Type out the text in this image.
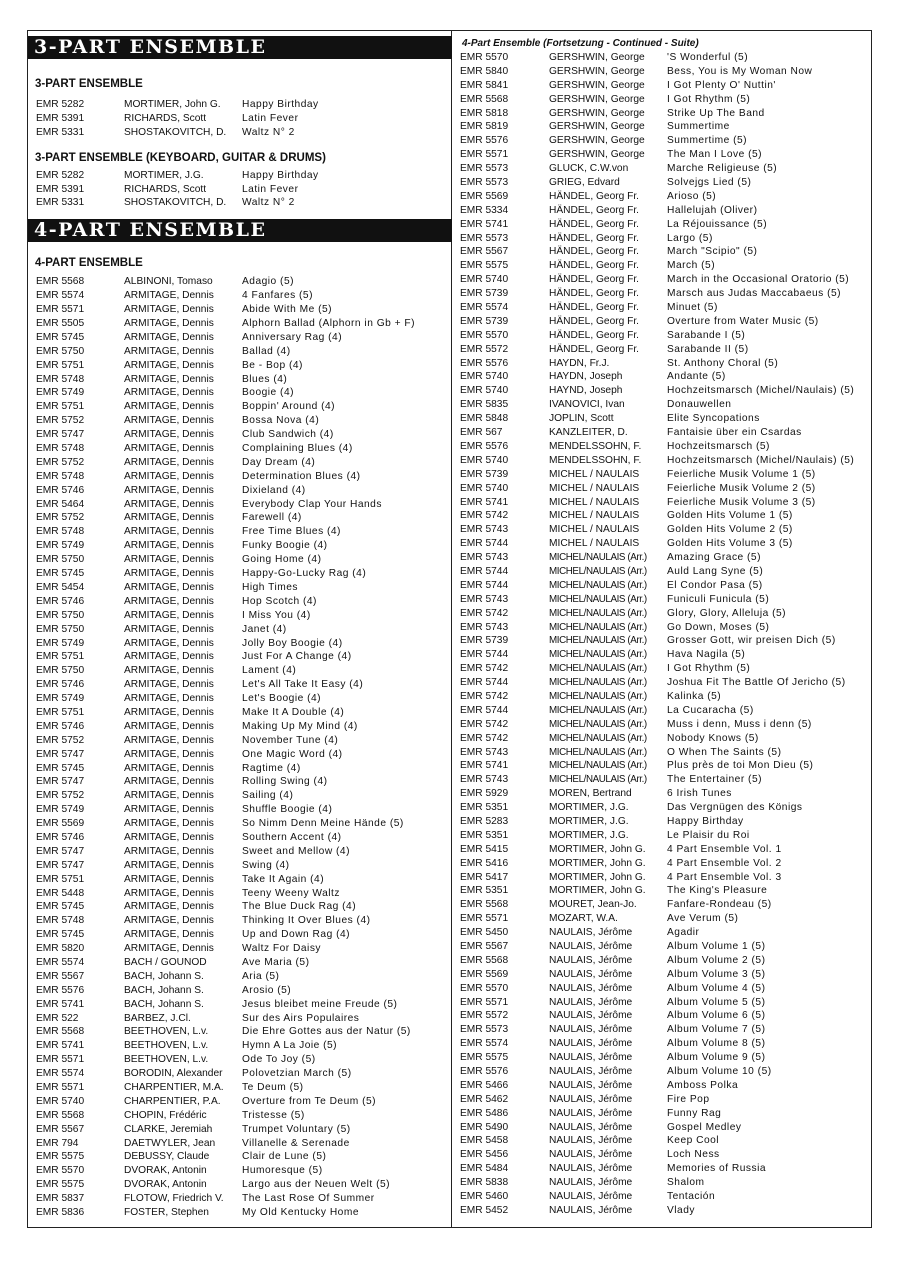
3-PART ENSEMBLE
3-PART ENSEMBLE
EMR 5282	MORTIMER, John G.	Happy Birthday
EMR 5391	RICHARDS, Scott	Latin Fever
EMR 5331	SHOSTAKOVITCH, D.	Waltz N° 2
3-PART ENSEMBLE (KEYBOARD, GUITAR & DRUMS)
EMR 5282	MORTIMER, J.G.	Happy Birthday
EMR 5391	RICHARDS, Scott	Latin Fever
EMR 5331	SHOSTAKOVITCH, D.	Waltz N° 2
4-PART ENSEMBLE
4-PART ENSEMBLE
EMR 5568	ALBINONI, Tomaso	Adagio (5)
EMR 5574	ARMITAGE, Dennis	4 Fanfares (5)
EMR 5571	ARMITAGE, Dennis	Abide With Me (5)
EMR 5505	ARMITAGE, Dennis	Alphorn Ballad (Alphorn in Gb + F)
EMR 5745	ARMITAGE, Dennis	Anniversary Rag (4)
EMR 5750	ARMITAGE, Dennis	Ballad (4)
EMR 5751	ARMITAGE, Dennis	Be - Bop (4)
EMR 5748	ARMITAGE, Dennis	Blues (4)
EMR 5749	ARMITAGE, Dennis	Boogie (4)
EMR 5751	ARMITAGE, Dennis	Boppin' Around (4)
EMR 5752	ARMITAGE, Dennis	Bossa Nova (4)
EMR 5747	ARMITAGE, Dennis	Club Sandwich (4)
EMR 5748	ARMITAGE, Dennis	Complaining Blues (4)
EMR 5752	ARMITAGE, Dennis	Day Dream (4)
EMR 5748	ARMITAGE, Dennis	Determination Blues (4)
EMR 5746	ARMITAGE, Dennis	Dixieland (4)
EMR 5464	ARMITAGE, Dennis	Everybody Clap Your Hands
EMR 5752	ARMITAGE, Dennis	Farewell (4)
EMR 5748	ARMITAGE, Dennis	Free Time Blues (4)
EMR 5749	ARMITAGE, Dennis	Funky Boogie (4)
EMR 5750	ARMITAGE, Dennis	Going Home (4)
EMR 5745	ARMITAGE, Dennis	Happy-Go-Lucky Rag (4)
EMR 5454	ARMITAGE, Dennis	High Times
EMR 5746	ARMITAGE, Dennis	Hop Scotch (4)
EMR 5750	ARMITAGE, Dennis	I Miss You (4)
EMR 5750	ARMITAGE, Dennis	Janet (4)
EMR 5749	ARMITAGE, Dennis	Jolly Boy Boogie (4)
EMR 5751	ARMITAGE, Dennis	Just For A Change (4)
EMR 5750	ARMITAGE, Dennis	Lament (4)
EMR 5746	ARMITAGE, Dennis	Let's All Take It Easy (4)
EMR 5749	ARMITAGE, Dennis	Let's Boogie (4)
EMR 5751	ARMITAGE, Dennis	Make It A Double (4)
EMR 5746	ARMITAGE, Dennis	Making Up My Mind (4)
EMR 5752	ARMITAGE, Dennis	November Tune (4)
EMR 5747	ARMITAGE, Dennis	One Magic Word (4)
EMR 5745	ARMITAGE, Dennis	Ragtime (4)
EMR 5747	ARMITAGE, Dennis	Rolling Swing (4)
EMR 5752	ARMITAGE, Dennis	Sailing (4)
EMR 5749	ARMITAGE, Dennis	Shuffle Boogie (4)
EMR 5569	ARMITAGE, Dennis	So Nimm Denn Meine Hände (5)
EMR 5746	ARMITAGE, Dennis	Southern Accent (4)
EMR 5747	ARMITAGE, Dennis	Sweet and Mellow (4)
EMR 5747	ARMITAGE, Dennis	Swing (4)
EMR 5751	ARMITAGE, Dennis	Take It Again (4)
EMR 5448	ARMITAGE, Dennis	Teeny Weeny Waltz
EMR 5745	ARMITAGE, Dennis	The Blue Duck Rag (4)
EMR 5748	ARMITAGE, Dennis	Thinking It Over Blues (4)
EMR 5745	ARMITAGE, Dennis	Up and Down Rag (4)
EMR 5820	ARMITAGE, Dennis	Waltz For Daisy
EMR 5574	BACH / GOUNOD	Ave Maria (5)
EMR 5567	BACH, Johann S.	Aria (5)
EMR 5576	BACH, Johann S.	Arosio (5)
EMR 5741	BACH, Johann S.	Jesus bleibet meine Freude (5)
EMR 522	BARBEZ, J.Cl.	Sur des Airs Populaires
EMR 5568	BEETHOVEN, L.v.	Die Ehre Gottes aus der Natur (5)
EMR 5741	BEETHOVEN, L.v.	Hymn A La Joie (5)
EMR 5571	BEETHOVEN, L.v.	Ode To Joy (5)
EMR 5574	BORODIN, Alexander	Polovetzian March (5)
EMR 5571	CHARPENTIER, M.A.	Te Deum (5)
EMR 5740	CHARPENTIER, P.A.	Overture from Te Deum (5)
EMR 5568	CHOPIN, Frédéric	Tristesse (5)
EMR 5567	CLARKE, Jeremiah	Trumpet Voluntary (5)
EMR 794	DAETWYLER, Jean	Villanelle & Serenade
EMR 5575	DEBUSSY, Claude	Clair de Lune (5)
EMR 5570	DVORAK, Antonin	Humoresque (5)
EMR 5575	DVORAK, Antonin	Largo aus der Neuen Welt (5)
EMR 5837	FLOTOW, Friedrich V.	The Last Rose Of Summer
EMR 5836	FOSTER, Stephen	My Old Kentucky Home
4-Part Ensemble (Fortsetzung - Continued - Suite)
EMR 5570	GERSHWIN, George	'S Wonderful (5)
EMR 5840	GERSHWIN, George	Bess, You is My Woman Now
EMR 5841	GERSHWIN, George	I Got Plenty O' Nuttin'
EMR 5568	GERSHWIN, George	I Got Rhythm (5)
EMR 5818	GERSHWIN, George	Strike Up The Band
EMR 5819	GERSHWIN, George	Summertime
EMR 5576	GERSHWIN, George	Summertime (5)
EMR 5571	GERSHWIN, George	The Man I Love (5)
EMR 5573	GLUCK, C.W.von	Marche Religieuse (5)
EMR 5573	GRIEG, Edvard	Solvejgs Lied (5)
EMR 5569	HÄNDEL, Georg Fr.	Arioso (5)
EMR 5334	HÄNDEL, Georg Fr.	Hallelujah (Oliver)
EMR 5741	HÄNDEL, Georg Fr.	La Réjouissance (5)
EMR 5573	HÄNDEL, Georg Fr.	Largo (5)
EMR 5567	HÄNDEL, Georg Fr.	March "Scipio" (5)
EMR 5575	HÄNDEL, Georg Fr.	March (5)
EMR 5740	HÄNDEL, Georg Fr.	March in the Occasional Oratorio (5)
EMR 5739	HÄNDEL, Georg Fr.	Marsch aus Judas Maccabaeus (5)
EMR 5574	HÄNDEL, Georg Fr.	Minuet (5)
EMR 5739	HÄNDEL, Georg Fr.	Overture from Water Music (5)
EMR 5570	HÄNDEL, Georg Fr.	Sarabande I (5)
EMR 5572	HÄNDEL, Georg Fr.	Sarabande II (5)
EMR 5576	HAYDN, Fr.J.	St. Anthony Choral (5)
EMR 5740	HAYDN, Joseph	Andante (5)
EMR 5740	HAYND, Joseph	Hochzeitsmarsch (Michel/Naulais) (5)
EMR 5835	IVANOVICI, Ivan	Donauwellen
EMR 5848	JOPLIN, Scott	Elite Syncopations
EMR 567	KANZLEITER, D.	Fantaisie über ein Csardas
EMR 5576	MENDELSSOHN, F.	Hochzeitsmarsch (5)
EMR 5740	MENDELSSOHN, F.	Hochzeitsmarsch (Michel/Naulais) (5)
EMR 5739	MICHEL / NAULAIS	Feierliche Musik Volume 1 (5)
EMR 5740	MICHEL / NAULAIS	Feierliche Musik Volume 2 (5)
EMR 5741	MICHEL / NAULAIS	Feierliche Musik Volume 3 (5)
EMR 5742	MICHEL / NAULAIS	Golden Hits Volume 1 (5)
EMR 5743	MICHEL / NAULAIS	Golden Hits Volume 2 (5)
EMR 5744	MICHEL / NAULAIS	Golden Hits Volume 3 (5)
EMR 5743	MICHEL/NAULAIS (Arr.)	Amazing Grace (5)
EMR 5744	MICHEL/NAULAIS (Arr.)	Auld Lang Syne (5)
EMR 5744	MICHEL/NAULAIS (Arr.)	El Condor Pasa (5)
EMR 5743	MICHEL/NAULAIS (Arr.)	Funiculi Funicula (5)
EMR 5742	MICHEL/NAULAIS (Arr.)	Glory, Glory, Alleluja (5)
EMR 5743	MICHEL/NAULAIS (Arr.)	Go Down, Moses (5)
EMR 5739	MICHEL/NAULAIS (Arr.)	Grosser Gott, wir preisen Dich (5)
EMR 5744	MICHEL/NAULAIS (Arr.)	Hava Nagila (5)
EMR 5742	MICHEL/NAULAIS (Arr.)	I Got Rhythm (5)
EMR 5744	MICHEL/NAULAIS (Arr.)	Joshua Fit The Battle Of Jericho (5)
EMR 5742	MICHEL/NAULAIS (Arr.)	Kalinka (5)
EMR 5744	MICHEL/NAULAIS (Arr.)	La Cucaracha (5)
EMR 5742	MICHEL/NAULAIS (Arr.)	Muss i denn, Muss i denn (5)
EMR 5742	MICHEL/NAULAIS (Arr.)	Nobody Knows (5)
EMR 5743	MICHEL/NAULAIS (Arr.)	O When The Saints (5)
EMR 5741	MICHEL/NAULAIS (Arr.)	Plus près de toi Mon Dieu (5)
EMR 5743	MICHEL/NAULAIS (Arr.)	The Entertainer (5)
EMR 5929	MOREN, Bertrand	6 Irish Tunes
EMR 5351	MORTIMER, J.G.	Das Vergnügen des Königs
EMR 5283	MORTIMER, J.G.	Happy Birthday
EMR 5351	MORTIMER, J.G.	Le Plaisir du Roi
EMR 5415	MORTIMER, John G.	4 Part Ensemble Vol. 1
EMR 5416	MORTIMER, John G.	4 Part Ensemble Vol. 2
EMR 5417	MORTIMER, John G.	4 Part Ensemble Vol. 3
EMR 5351	MORTIMER, John G.	The King's Pleasure
EMR 5568	MOURET, Jean-Jo.	Fanfare-Rondeau (5)
EMR 5571	MOZART, W.A.	Ave Verum (5)
EMR 5450	NAULAIS, Jérôme	Agadir
EMR 5567	NAULAIS, Jérôme	Album Volume 1 (5)
EMR 5568	NAULAIS, Jérôme	Album Volume 2 (5)
EMR 5569	NAULAIS, Jérôme	Album Volume 3 (5)
EMR 5570	NAULAIS, Jérôme	Album Volume 4 (5)
EMR 5571	NAULAIS, Jérôme	Album Volume 5 (5)
EMR 5572	NAULAIS, Jérôme	Album Volume 6 (5)
EMR 5573	NAULAIS, Jérôme	Album Volume 7 (5)
EMR 5574	NAULAIS, Jérôme	Album Volume 8 (5)
EMR 5575	NAULAIS, Jérôme	Album Volume 9 (5)
EMR 5576	NAULAIS, Jérôme	Album Volume 10 (5)
EMR 5466	NAULAIS, Jérôme	Amboss Polka
EMR 5462	NAULAIS, Jérôme	Fire Pop
EMR 5486	NAULAIS, Jérôme	Funny Rag
EMR 5490	NAULAIS, Jérôme	Gospel Medley
EMR 5458	NAULAIS, Jérôme	Keep Cool
EMR 5456	NAULAIS, Jérôme	Loch Ness
EMR 5484	NAULAIS, Jérôme	Memories of Russia
EMR 5838	NAULAIS, Jérôme	Shalom
EMR 5460	NAULAIS, Jérôme	Tentación
EMR 5452	NAULAIS, Jérôme	Vlady
